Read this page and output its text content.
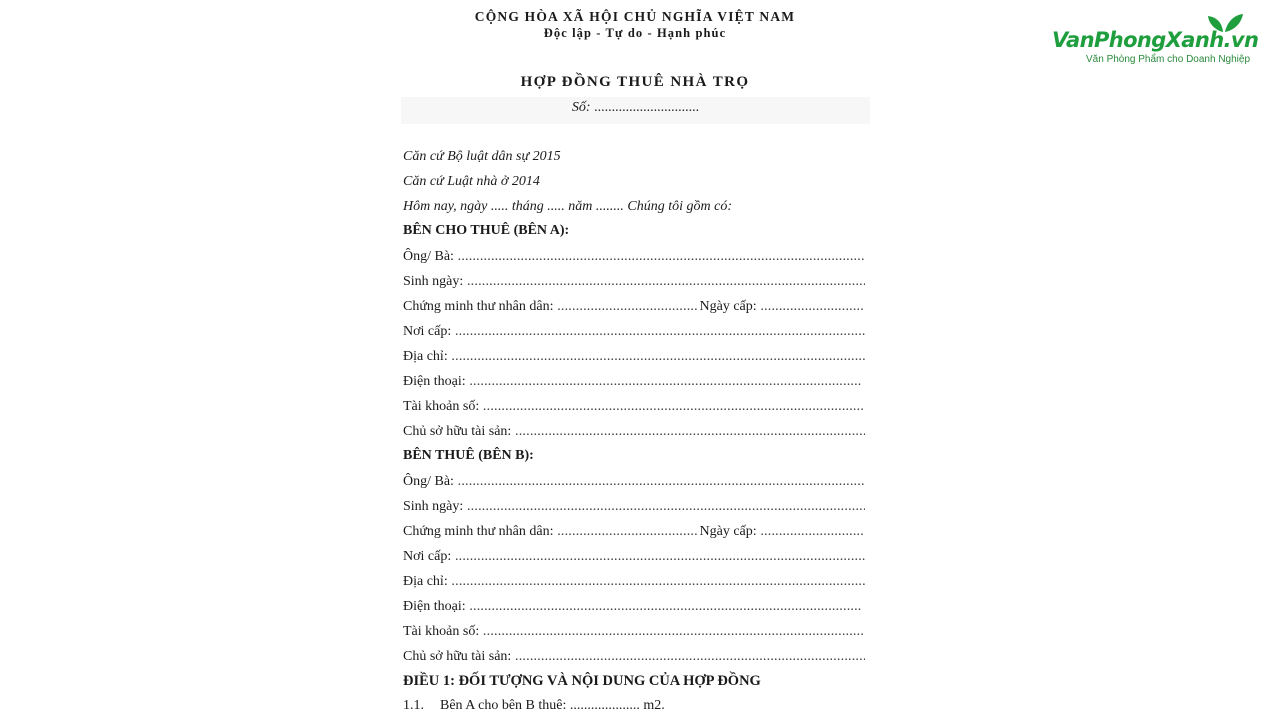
CỘNG HÒA XÃ HỘI CHỦ NGHĨA VIỆT NAM
Độc lập - Tự do - Hạnh phúc
HỢP ĐỒNG THUÊ NHÀ TRỌ
Số: ..............................
Căn cứ Bộ luật dân sự 2015
Căn cứ Luật nhà ở 2014
Hôm nay, ngày ..... tháng ..... năm ........ Chúng tôi gồm có:
BÊN CHO THUÊ (BÊN A):
Ông/ Bà:
.....
Sinh ngày:
.....
Chứng minh thư nhân dân: .....	Ngày cấp:
.....
Nơi cấp:
.....
Địa chỉ:
.....
Điện thoại:
.....
Tài khoản số:
.....
Chủ sở hữu tài sản:
.....
BÊN THUÊ (BÊN B):
Ông/ Bà:
.....
Sinh ngày:
.....
Chứng minh thư nhân dân: .....	Ngày cấp:
.....
Nơi cấp:
.....
Địa chỉ:
.....
Điện thoại:
.....
Tài khoản số:
.....
Chủ sở hữu tài sản:
.....
ĐIỀU 1: ĐỐI TƯỢNG VÀ NỘI DUNG CỦA HỢP ĐỒNG
1.1. Bên A cho bên B thuê: .................... m2.
VanPhongXanh.vn
Văn Phòng Phẩm cho Doanh Nghiệp
